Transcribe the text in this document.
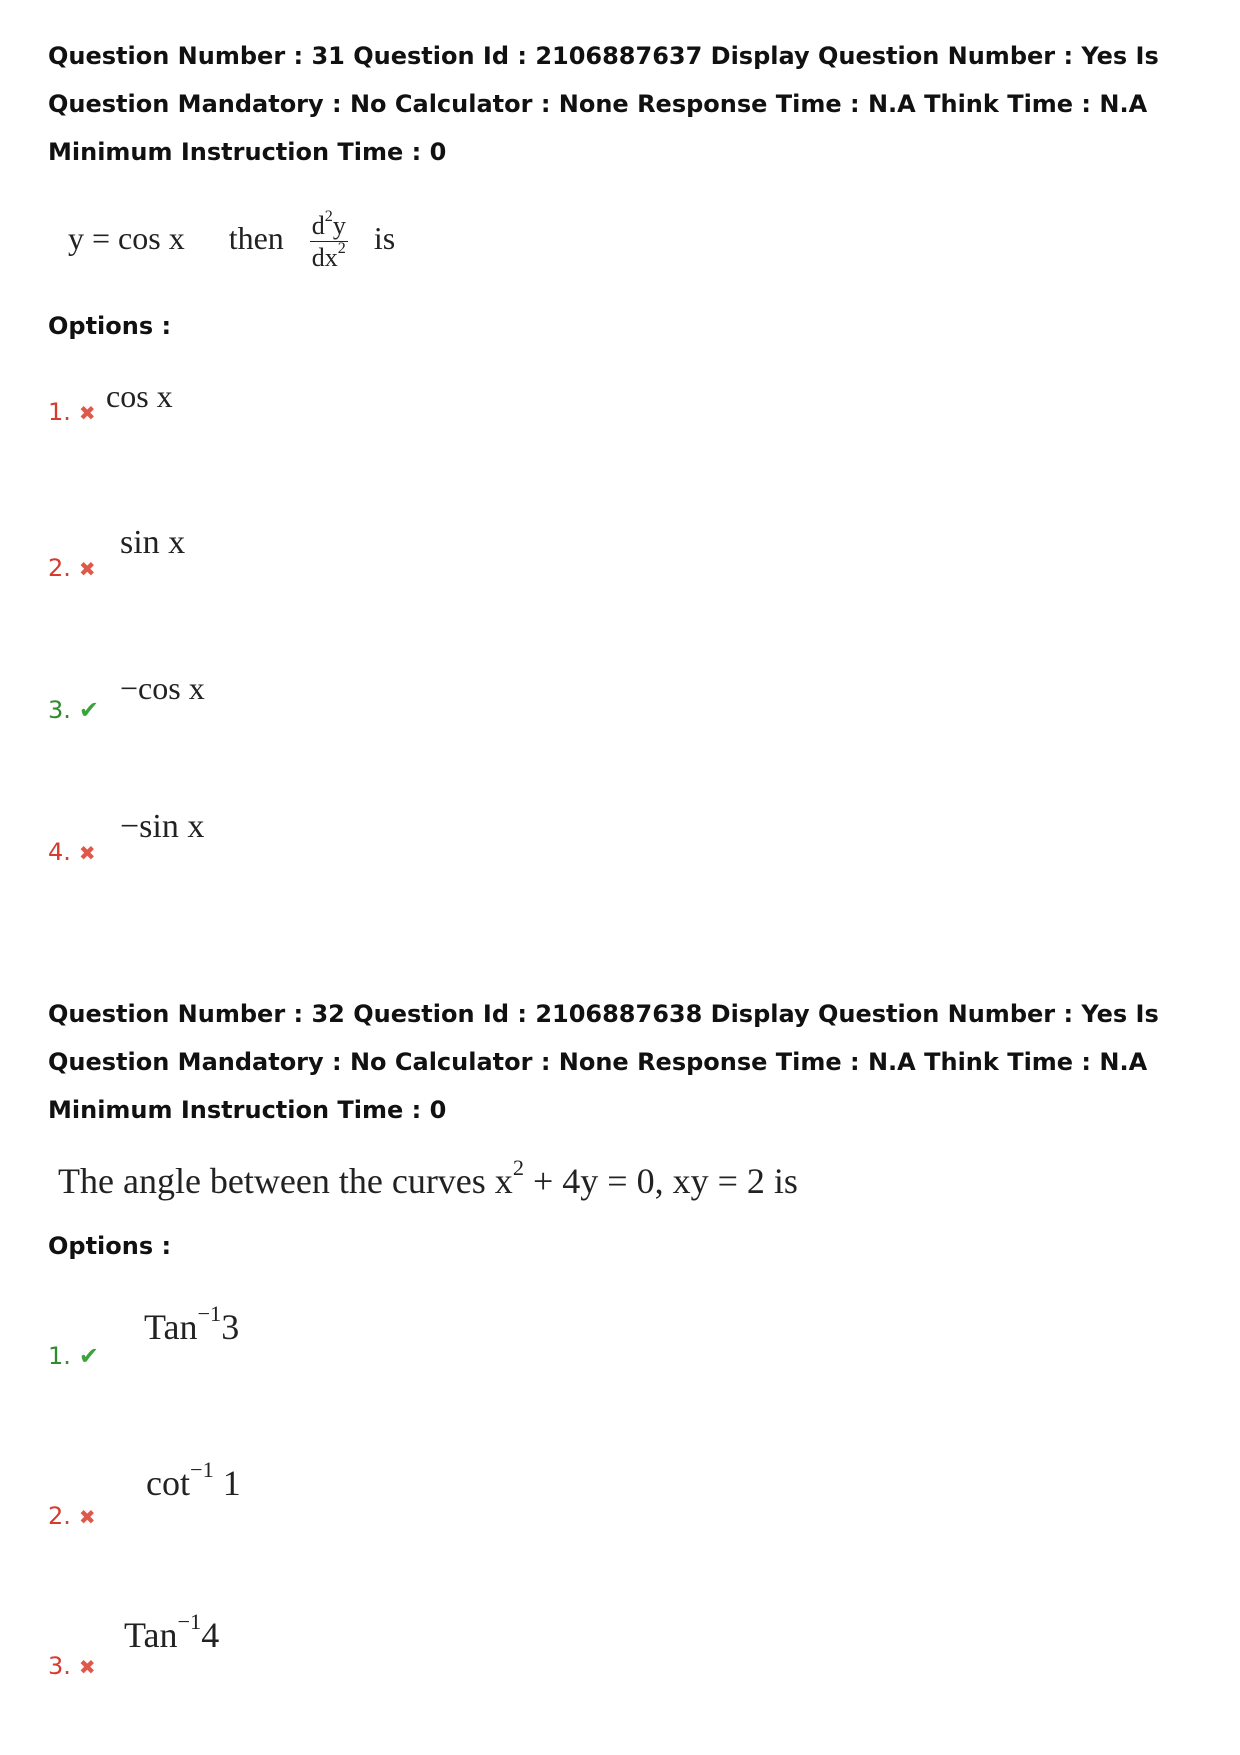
Question Number : 31 Question Id : 2106887637 Display Question Number : Yes Is Question Mandatory : No Calculator : None Response Time : N.A Think Time : N.A Minimum Instruction Time : 0
y = cos x then $\frac{d^2y}{dx^2}$ is
Options :
1. ✖ cos x
2. ✖
sin x
3. ✔
−cos x
4. ✖
−sin x
Question Number : 32 Question Id : 2106887638 Display Question Number : Yes Is Question Mandatory : No Calculator : None Response Time : N.A Think Time : N.A Minimum Instruction Time : 0
The angle between the curves $x^2 + 4y = 0$, xy = 2 is
Options :
1. ✔
Tan$^{-1}$3
2. ✖
$\cot^{-1} 1$
3. ✖
Tan$^{-1}$4
